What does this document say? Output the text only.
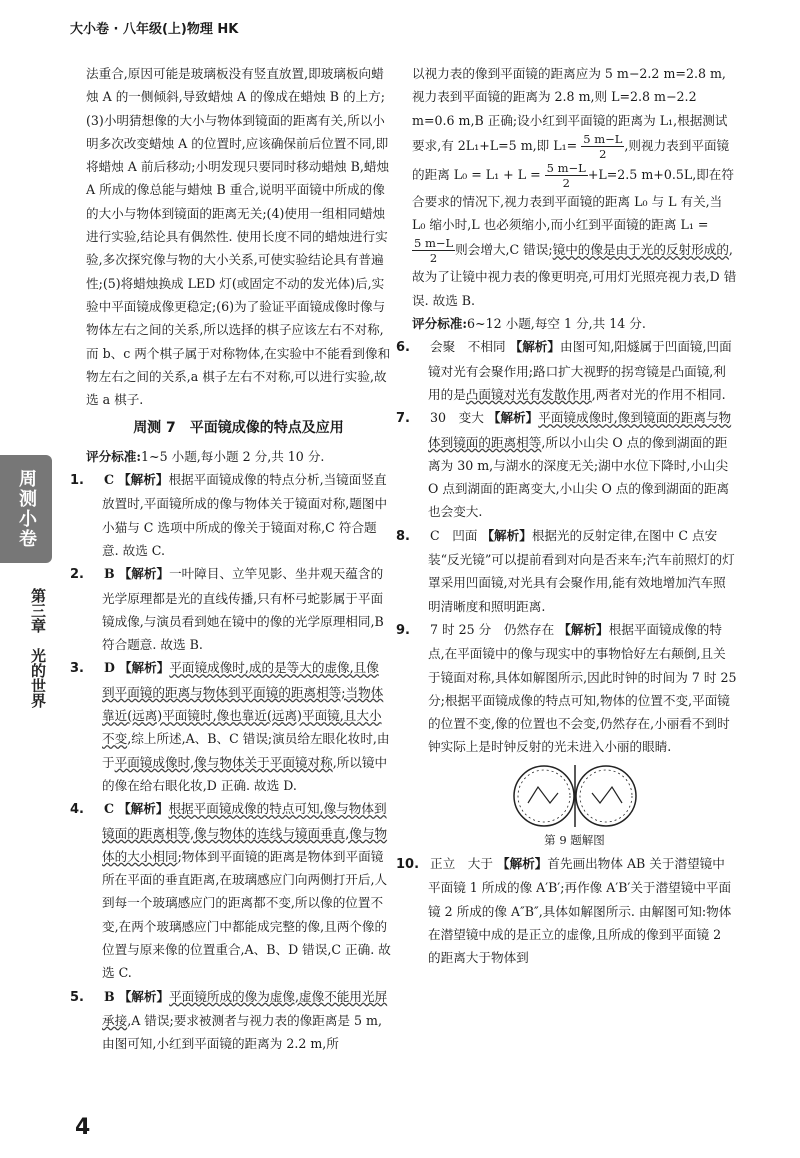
大小卷 · 八年级(上)物理 HK
周测小卷
第三章　光的世界

法重合,原因可能是玻璃板没有竖直放置,即玻璃板向蜡烛 A 的一侧倾斜,导致蜡烛 A 的像成在蜡烛 B 的上方;(3)小明猜想像的大小与物体到镜面的距离有关,所以小明多次改变蜡烛 A 的位置时,应该确保前后位置不同,即将蜡烛 A 前后移动;小明发现只要同时移动蜡烛 B,蜡烛 A 所成的像总能与蜡烛 B 重合,说明平面镜中所成的像的大小与物体到镜面的距离无关;(4)使用一组相同蜡烛进行实验,结论具有偶然性. 使用长度不同的蜡烛进行实验,多次探究像与物的大小关系,可使实验结论具有普遍性;(5)将蜡烛换成 LED 灯(或固定不动的发光体)后,实验中平面镜成像更稳定;(6)为了验证平面镜成像时像与物体左右之间的关系,所以选择的棋子应该左右不对称,而 b、c 两个棋子属于对称物体,在实验中不能看到像和物左右之间的关系,a 棋子左右不对称,可以进行实验,故选 a 棋子.

周测 7　平面镜成像的特点及应用

评分标准:1~5 小题,每小题 2 分,共 10 分.

1. C 【解析】根据平面镜成像的特点分析,当镜面竖直放置时,平面镜所成的像与物体关于镜面对称,题图中小猫与 C 选项中所成的像关于镜面对称,C 符合题意. 故选 C.

2. B 【解析】一叶障目、立竿见影、坐井观天蕴含的光学原理都是光的直线传播,只有杯弓蛇影属于平面镜成像,与演员看到她在镜中的像的光学原理相同,B 符合题意. 故选 B.

3. D 【解析】平面镜成像时,成的是等大的虚像,且像到平面镜的距离与物体到平面镜的距离相等;当物体靠近(远离)平面镜时,像也靠近(远离)平面镜,且大小不变,综上所述,A、B、C 错误;演员给左眼化妆时,由于平面镜成像时,像与物体关于平面镜对称,所以镜中的像在给右眼化妆,D 正确. 故选 D.

4. C 【解析】根据平面镜成像的特点可知,像与物体到镜面的距离相等,像与物体的连线与镜面垂直,像与物体的大小相同;物体到平面镜的距离是物体到平面镜所在平面的垂直距离,在玻璃感应门向两侧打开后,人到每一个玻璃感应门的距离都不变,所以像的位置不变,在两个玻璃感应门中都能成完整的像,且两个像的位置与原来像的位置重合,A、B、D 错误,C 正确. 故选 C.

5. B 【解析】平面镜所成的像为虚像,虚像不能用光屏承接,A 错误;要求被测者与视力表的像距离是 5 m,由图可知,小红到平面镜的距离为 2.2 m,所

以视力表的像到平面镜的距离应为 5 m−2.2 m=2.8 m,视力表到平面镜的距离为 2.8 m,则 L=2.8 m−2.2 m=0.6 m,B 正确;设小红到平面镜的距离为 L₁,根据测试要求,有 2L₁+L=5 m,即 $L_1= \frac{5 m-L}{2}$ ,则视力表到平面镜的距离 $L_0 = L_1 + L = \frac{5 m-L}{2} +L=2.5$ m+0.5L,即在符合要求的情况下,视力表到平面镜的距离 L₀ 与 L 有关,当 L₀ 缩小时,L 也必须缩小,而小红到平面镜的距离 L₁ =
$\frac{5 m-L}{2}$ 则会增大,C 错误;镜中的像是由于光的反射形成的,故为了让镜中视力表的像更明亮,可用灯光照亮视力表,D 错误. 故选 B.

评分标准:6~12 小题,每空 1 分,共 14 分.

6. 会聚　不相同 【解析】由图可知,阳燧属于凹面镜,凹面镜对光有会聚作用;路口扩大视野的拐弯镜是凸面镜,利用的是凸面镜对光有发散作用,两者对光的作用不相同.

7. 30　变大 【解析】平面镜成像时,像到镜面的距离与物体到镜面的距离相等,所以小山尖 O 点的像到湖面的距离为 30 m,与湖水的深度无关;湖中水位下降时,小山尖 O 点到湖面的距离变大,小山尖 O 点的像到湖面的距离也会变大.

8. C　凹面 【解析】根据光的反射定律,在图中 C 点安装“反光镜”可以提前看到对向是否来车;汽车前照灯的灯罩采用凹面镜,对光具有会聚作用,能有效地增加汽车照明清晰度和照明距离.

9. 7 时 25 分　仍然存在 【解析】根据平面镜成像的特点,在平面镜中的像与现实中的事物恰好左右颠倒,且关于镜面对称,具体如解图所示,因此时钟的时间为 7 时 25 分;根据平面镜成像的特点可知,物体的位置不变,平面镜的位置不变,像的位置也不会变,仍然存在,小丽看不到时钟实际上是时钟反射的光未进入小丽的眼睛.

第 9 题解图

10. 正立　大于 【解析】首先画出物体 AB 关于潜望镜中平面镜 1 所成的像 A′B′;再作像 A′B′关于潜望镜中平面镜 2 所成的像 A″B″,具体如解图所示. 由解图可知:物体在潜望镜中成的是正立的虚像,且所成的像到平面镜 2 的距离大于物体到

4
